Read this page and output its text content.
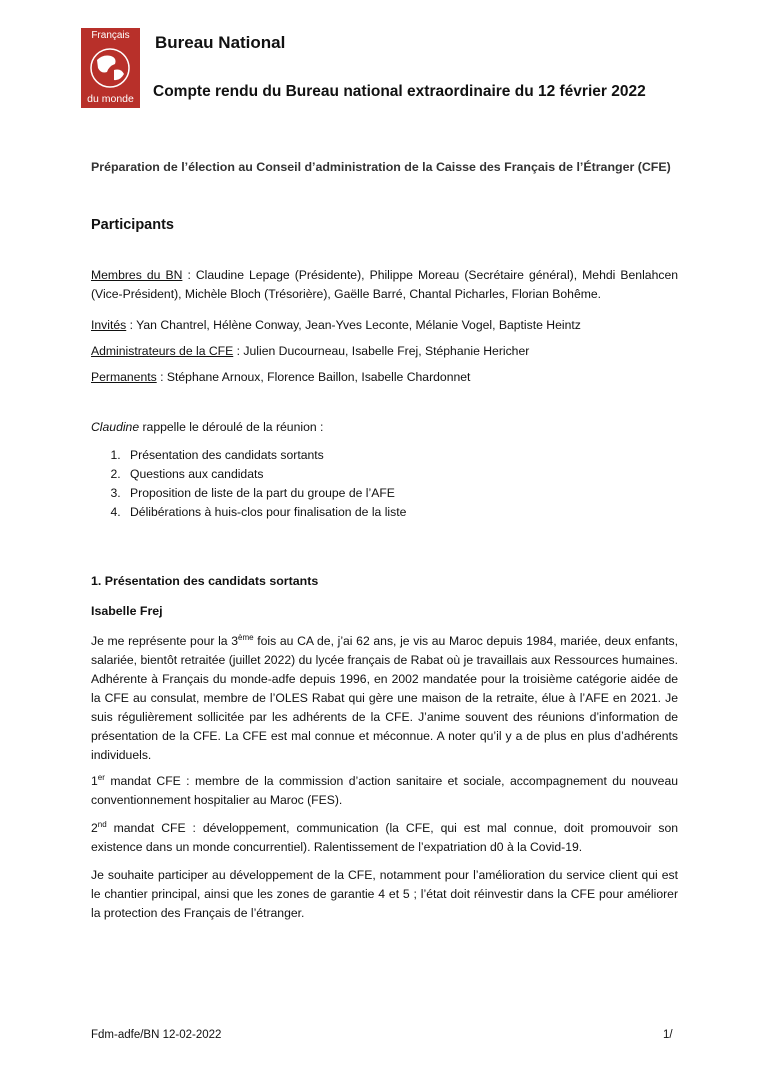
Français
du monde
Bureau National
Compte rendu du Bureau national extraordinaire du 12 février 2022
Préparation de l’élection au Conseil d’administration de la Caisse des Français de l’Étranger (CFE)
Participants
Membres du BN : Claudine Lepage (Présidente), Philippe Moreau (Secrétaire général), Mehdi Benlahcen (Vice-Président), Michèle Bloch (Trésorière), Gaëlle Barré, Chantal Picharles, Florian Bohême.
Invités : Yan Chantrel, Hélène Conway, Jean-Yves Leconte, Mélanie Vogel, Baptiste Heintz
Administrateurs de la CFE : Julien Ducourneau, Isabelle Frej, Stéphanie Hericher
Permanents : Stéphane Arnoux, Florence Baillon, Isabelle Chardonnet
Claudine rappelle le déroulé de la réunion :
1. Présentation des candidats sortants
2. Questions aux candidats
3. Proposition de liste de la part du groupe de l’AFE
4. Délibérations à huis-clos pour finalisation de la liste
1. Présentation des candidats sortants
Isabelle Frej
Je me représente pour la 3ème fois au CA de, j’ai 62 ans, je vis au Maroc depuis 1984, mariée, deux enfants, salariée, bientôt retraitée (juillet 2022) du lycée français de Rabat où je travaillais aux Ressources humaines. Adhérente à Français du monde-adfe depuis 1996, en 2002 mandatée pour la troisième catégorie aidée de la CFE au consulat, membre de l’OLES Rabat qui gère une maison de la retraite, élue à l’AFE en 2021. Je suis régulièrement sollicitée par les adhérents de la CFE. J’anime souvent des réunions d’information de présentation de la CFE. La CFE est mal connue et méconnue. A noter qu’il y a de plus en plus d’adhérents individuels.
1er mandat CFE : membre de la commission d’action sanitaire et sociale, accompagnement du nouveau conventionnement hospitalier au Maroc (FES).
2nd mandat CFE : développement, communication (la CFE, qui est mal connue, doit promouvoir son existence dans un monde concurrentiel). Ralentissement de l’expatriation d0 à la Covid-19.
Je souhaite participer au développement de la CFE, notamment pour l’amélioration du service client qui est le chantier principal, ainsi que les zones de garantie 4 et 5 ; l’état doit réinvestir dans la CFE pour améliorer la protection des Français de l’étranger.
Fdm-adfe/BN 12-02-2022	1/
